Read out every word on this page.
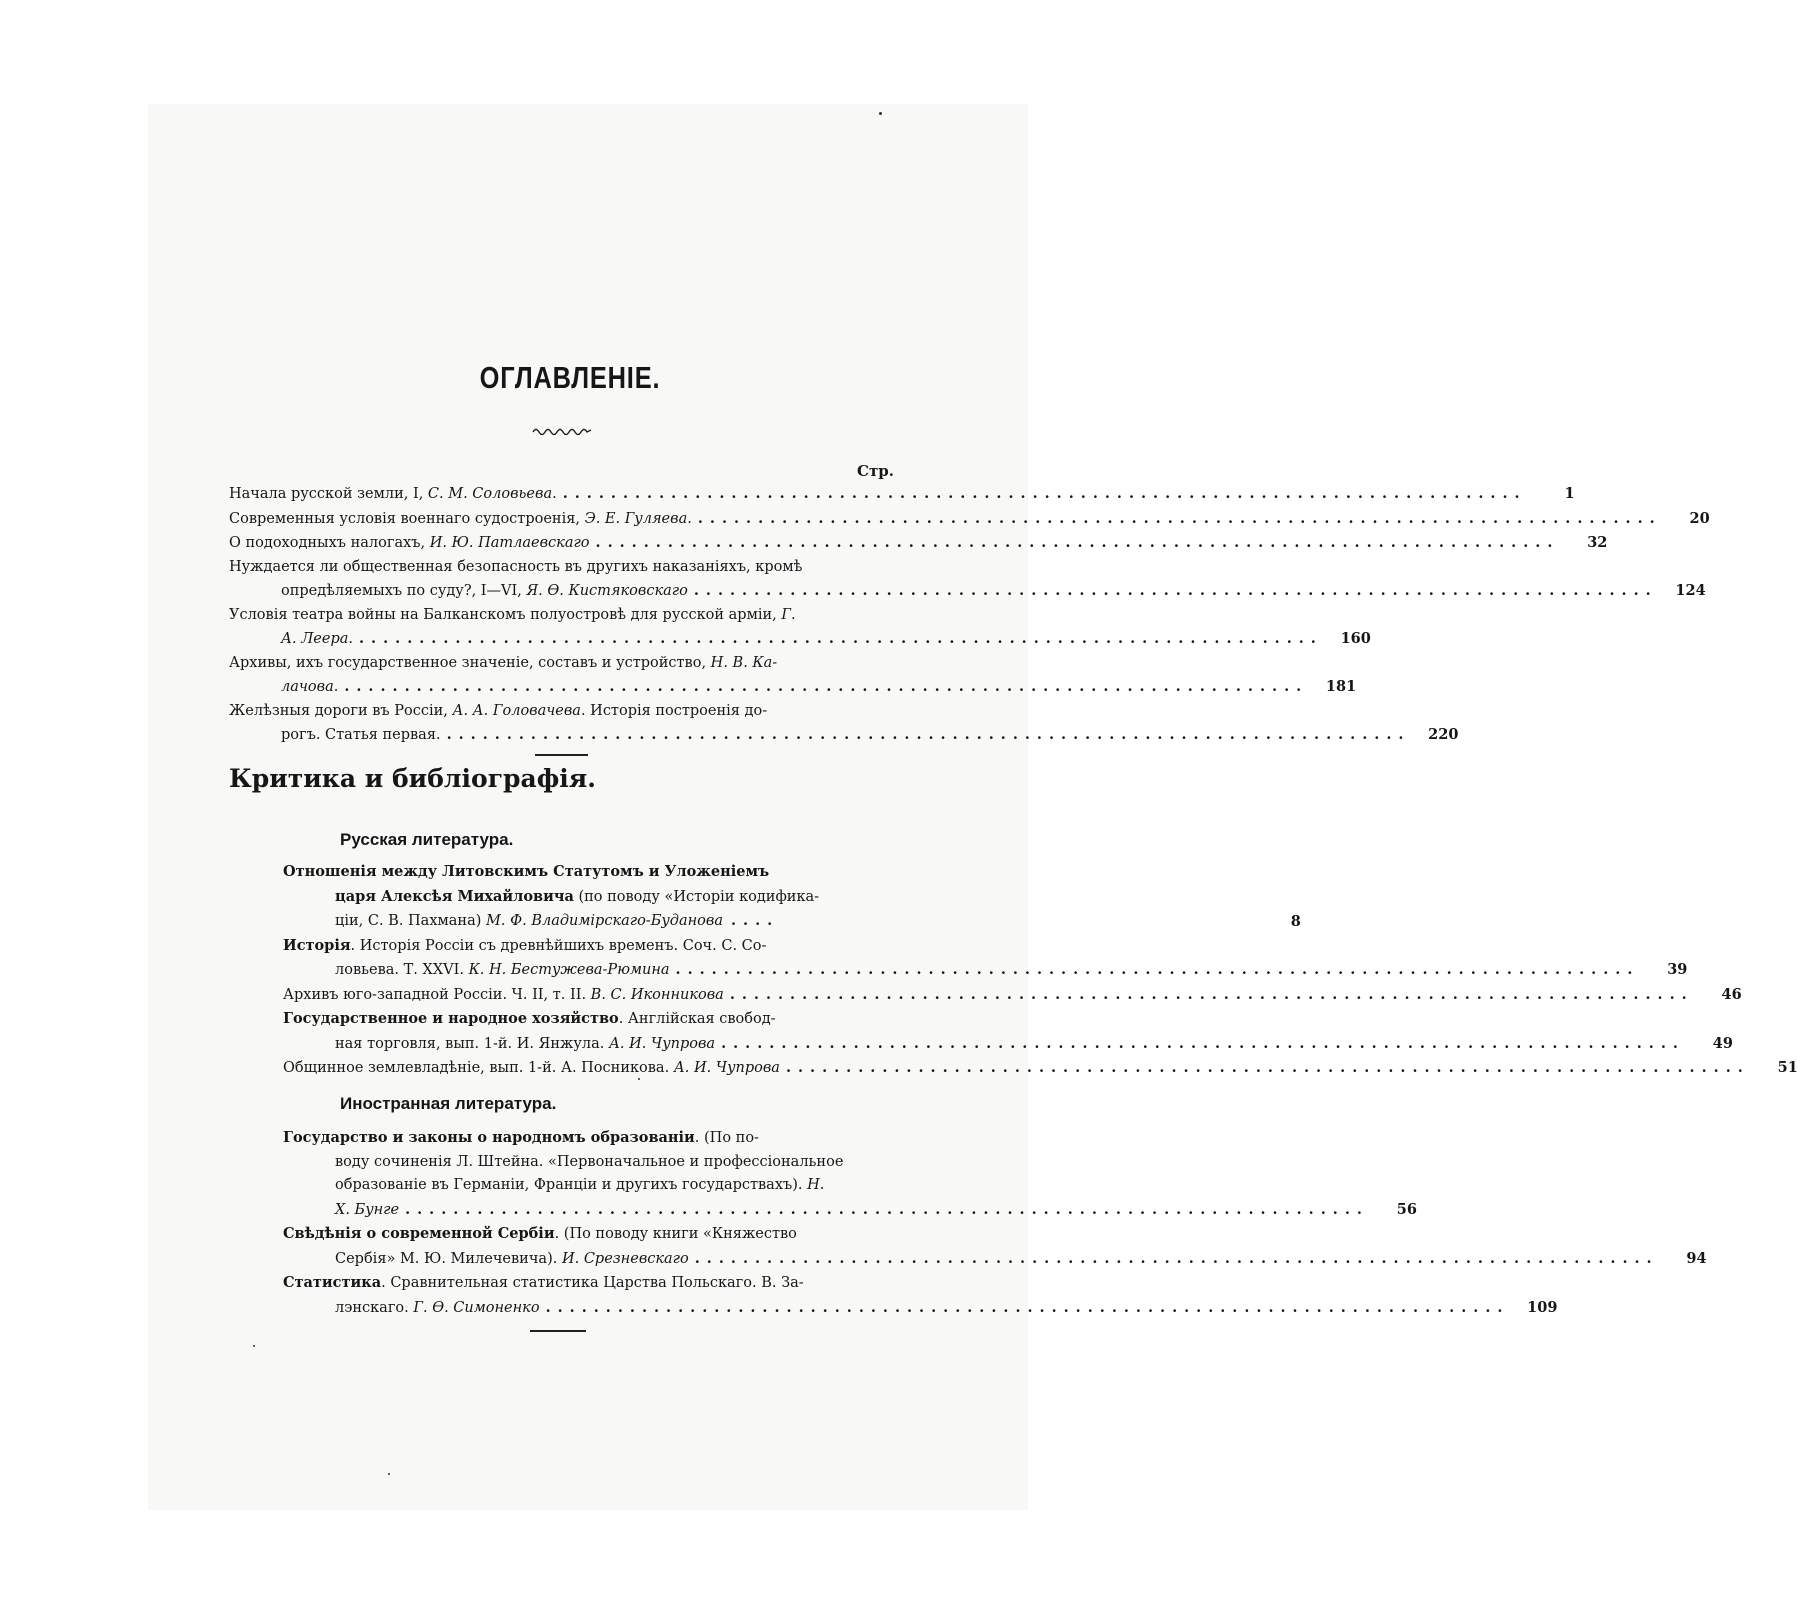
ОГЛАВЛЕНIЕ.
Стр.
Начала русской земли, I, С. М. Соловьева. ................................................................................	1
Современныя условiя военнаго судостроенiя, Э. Е. Гуляева. ................................................................................	20
О подоходныхъ налогахъ, И. Ю. Патлаевскаго ................................................................................	32
Нуждается ли общественная безопасность въ другихъ наказанiяхъ, кромѣ
опредѣляемыхъ по суду?, I—VI, Я. Ѳ. Кистяковскаго ................................................................................	124
Условiя театра войны на Балканскомъ полуостровѣ для русской армiи, Г.
А. Леера. ................................................................................	160
Архивы, ихъ государственное значенiе, составъ и устройство, Н. В. Ка-
лачова. ................................................................................	181
Желѣзныя дороги въ Россiи, А. А. Головачева. Исторiя построенiя до-
рогъ. Статья первая. ................................................................................	220
Критика и библiографiя.
Русская литература.
Отношенiя между Литовскимъ Статутомъ и Уложенiемъ
царя Алексѣя Михайловича (по поводу «Исторiи кодифика-
цiи, С. В. Пахмана) М. Ф. Владимiрскаго-Буданова ....	8
Исторiя. Исторiя Россiи съ древнѣйшихъ временъ. Соч. С. Со-
ловьева. Т. XXVI. К. Н. Бестужева-Рюмина ................................................................................	39
Архивъ юго-западной Россiи. Ч. II, т. II. В. С. Иконникова ................................................................................	46
Государственное и народное хозяйство. Англiйская свобод-
ная торговля, вып. 1-й. И. Янжула. А. И. Чупрова ................................................................................	49
Общинное землевладѣнiе, вып. 1-й. А. Посникова. А. И. Чупрова ................................................................................	51
Иностранная литература.
Государство и законы о народномъ образованiи. (По по-
воду сочиненiя Л. Штейна. «Первоначальное и профессiональное
образованiе въ Германiи, Францiи и другихъ государствахъ). Н.
Х. Бунге ................................................................................	56
Свѣдѣнiя о современной Сербiи. (По поводу книги «Княжество
Сербiя» М. Ю. Милечевича). И. Срезневскаго ................................................................................	94
Статистика. Сравнительная статистика Царства Польскаго. В. За-
лэнскаго. Г. Ѳ. Симоненко ................................................................................	109
